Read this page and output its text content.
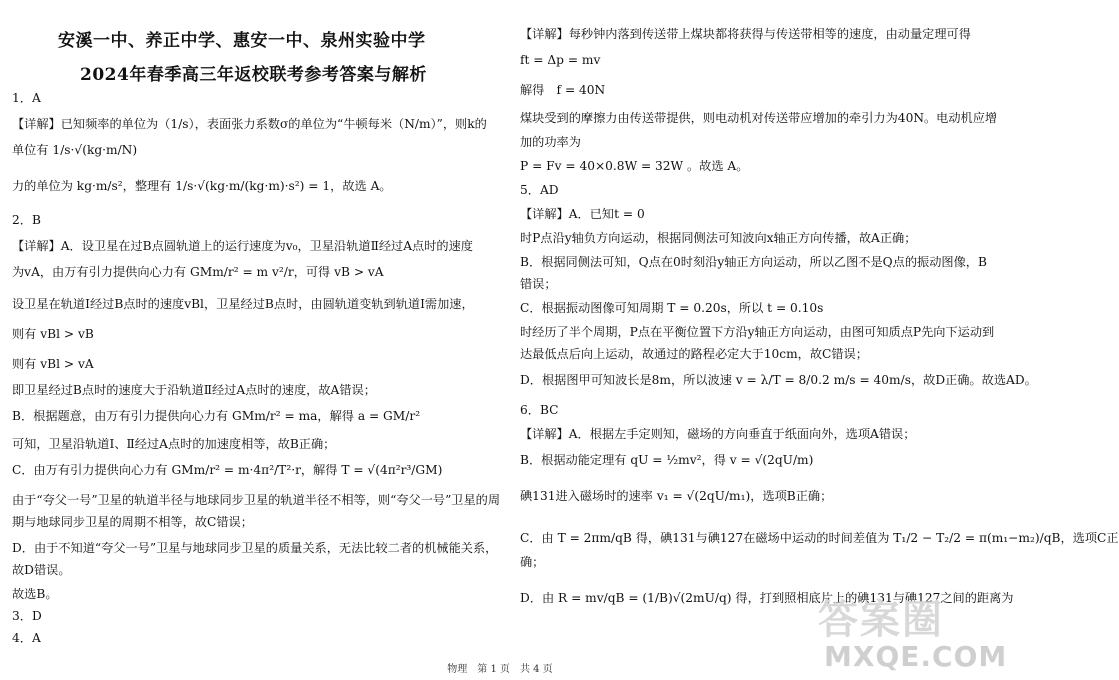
安溪一中、养正中学、惠安一中、泉州实验中学
2024年春季高三年返校联考参考答案与解析
1．A
【详解】已知频率的单位为（1/s），表面张力系数σ的单位为“牛顿每米（N/m）”，则k的
单位有 1/s·√(kg·m/N)
力的单位为 kg·m/s²，整理有 1/s·√(kg·m/(kg·m)·s²) = 1，故选 A。
2．B
【详解】A．设卫星在过B点圆轨道上的运行速度为v₀，卫星沿轨道Ⅱ经过A点时的速度
为vA，由万有引力提供向心力有 GMm/r² = m v²/r，可得 vB > vA
设卫星在轨道Ⅰ经过B点时的速度vBl，卫星经过B点时，由圆轨道变轨到轨道Ⅰ需加速，
则有 vBl > vB
则有 vBl > vA
即卫星经过B点时的速度大于沿轨道Ⅱ经过A点时的速度，故A错误；
B．根据题意，由万有引力提供向心力有 GMm/r² = ma，解得 a = GM/r²
可知，卫星沿轨道Ⅰ、Ⅱ经过A点时的加速度相等，故B正确；
C．由万有引力提供向心力有 GMm/r² = m·4π²/T²·r，解得 T = √(4π²r³/GM)
由于“夸父一号”卫星的轨道半径与地球同步卫星的轨道半径不相等，则“夸父一号”卫星的周
期与地球同步卫星的周期不相等，故C错误；
D．由于不知道“夸父一号”卫星与地球同步卫星的质量关系，无法比较二者的机械能关系，
故D错误。
故选B。
3．D
4．A
【详解】每秒钟内落到传送带上煤块都将获得与传送带相等的速度，由动量定理可得
ft = Δp = mv
解得　f = 40N
煤块受到的摩擦力由传送带提供，则电动机对传送带应增加的牵引力为40N。电动机应增
加的功率为
P = Fv = 40×0.8W = 32W 。故选 A。
5．AD
【详解】A．已知t = 0
时P点沿y轴负方向运动，根据同侧法可知波向x轴正方向传播，故A正确；
B．根据同侧法可知，Q点在0时刻沿y轴正方向运动，所以乙图不是Q点的振动图像，B
错误；
C．根据振动图像可知周期 T = 0.20s，所以 t = 0.10s
时经历了半个周期，P点在平衡位置下方沿y轴正方向运动，由图可知质点P先向下运动到
达最低点后向上运动，故通过的路程必定大于10cm，故C错误；
D．根据图甲可知波长是8m，所以波速 v = λ/T = 8/0.2 m/s = 40m/s，故D正确。故选AD。
6．BC
【详解】A．根据左手定则知，磁场的方向垂直于纸面向外，选项A错误；
B．根据动能定理有 qU = ½mv²，得 v = √(2qU/m)
碘131进入磁场时的速率 v₁ = √(2qU/m₁)，选项B正确；
C．由 T = 2πm/qB 得，碘131与碘127在磁场中运动的时间差值为 T₁/2 − T₂/2 = π(m₁−m₂)/qB，选项C正
确；
D．由 R = mv/qB = (1/B)√(2mU/q) 得，打到照相底片上的碘131与碘127之间的距离为
答案圈
MXQE.COM
物理　第 1 页　共 4 页
